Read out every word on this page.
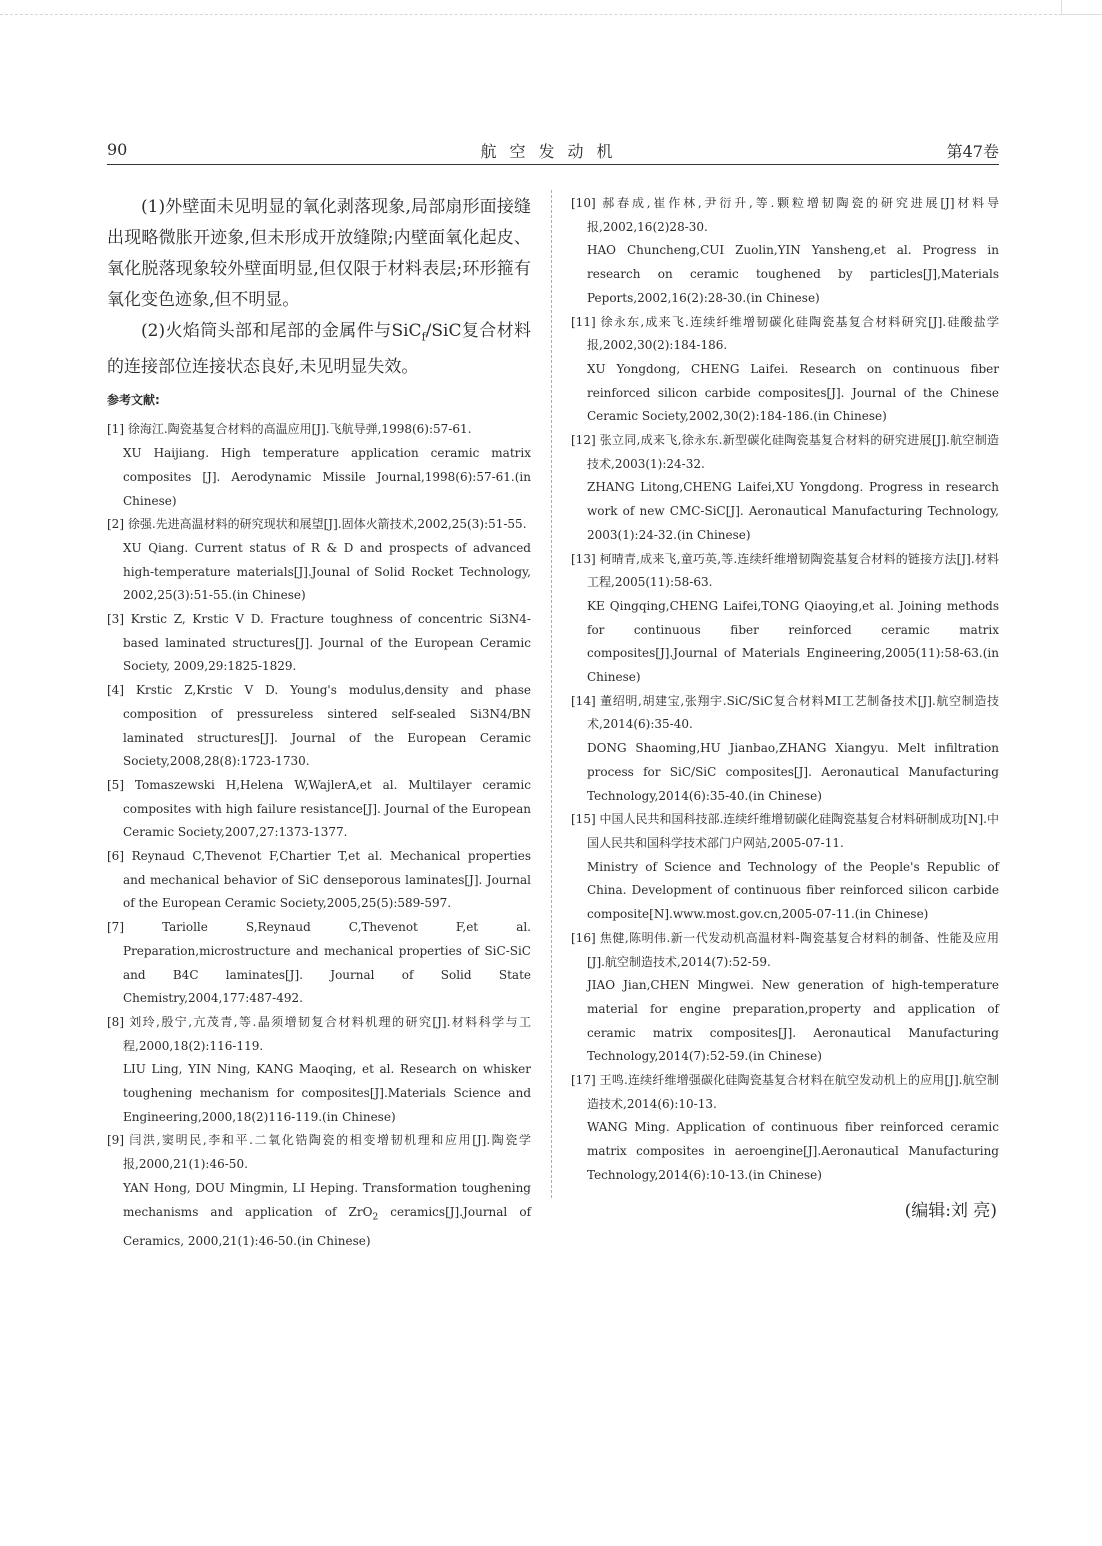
90	航空发动机	第47卷

(1)外壁面未见明显的氧化剥落现象,局部扇形面接缝出现略微胀开迹象,但未形成开放缝隙;内壁面氧化起皮、氧化脱落现象较外壁面明显,但仅限于材料表层;环形箍有氧化变色迹象,但不明显。

(2)火焰筒头部和尾部的金属件与SiC$_f$/SiC复合材料的连接部位连接状态良好,未见明显失效。

参考文献:
[1] 徐海江.陶瓷基复合材料的高温应用[J].飞航导弹,1998(6):57-61.
XU Haijiang. High temperature application ceramic matrix composites [J]. Aerodynamic Missile Journal,1998(6):57-61.(in Chinese)
[2] 徐强.先进高温材料的研究现状和展望[J].固体火箭技术,2002,25(3):51-55.
XU Qiang. Current status of R & D and prospects of advanced high-temperature materials[J].Jounal of Solid Rocket Technology, 2002,25(3):51-55.(in Chinese)
[3] Krstic Z, Krstic V D. Fracture toughness of concentric Si3N4-based laminated structures[J]. Journal of the European Ceramic Society, 2009,29:1825-1829.
[4] Krstic Z,Krstic V D. Young's modulus,density and phase composition of pressureless sintered self-sealed Si3N4/BN laminated structures[J]. Journal of the European Ceramic Society,2008,28(8):1723-1730.
[5] Tomaszewski H,Helena W,WajlerA,et al. Multilayer ceramic composites with high failure resistance[J]. Journal of the European Ceramic Society,2007,27:1373-1377.
[6] Reynaud C,Thevenot F,Chartier T,et al. Mechanical properties and mechanical behavior of SiC denseporous laminates[J]. Journal of the European Ceramic Society,2005,25(5):589-597.
[7] Tariolle S,Reynaud C,Thevenot F,et al. Preparation,microstructure and mechanical properties of SiC-SiC and B4C laminates[J]. Journal of Solid State Chemistry,2004,177:487-492.
[8] 刘玲,殷宁,亢茂青,等.晶须增韧复合材料机理的研究[J].材料科学与工程,2000,18(2):116-119.
LIU Ling, YIN Ning, KANG Maoqing, et al. Research on whisker toughening mechanism for composites[J].Materials Science and Engineering,2000,18(2)116-119.(in Chinese)
[9] 闫洪,窦明民,李和平.二氧化锆陶瓷的相变增韧机理和应用[J].陶瓷学报,2000,21(1):46-50.
YAN Hong, DOU Mingmin, LI Heping. Transformation toughening mechanisms and application of ZrO$_2$ ceramics[J].Journal of Ceramics, 2000,21(1):46-50.(in Chinese)
[10] 郝春成,崔作林,尹衍升,等.颗粒增韧陶瓷的研究进展[J]材料导报,2002,16(2)28-30.
HAO Chuncheng,CUI Zuolin,YIN Yansheng,et al. Progress in research on ceramic toughened by particles[J],Materials Peports,2002,16(2):28-30.(in Chinese)
[11] 徐永东,成来飞.连续纤维增韧碳化硅陶瓷基复合材料研究[J].硅酸盐学报,2002,30(2):184-186.
XU Yongdong, CHENG Laifei. Research on continuous fiber reinforced silicon carbide composites[J]. Journal of the Chinese Ceramic Society,2002,30(2):184-186.(in Chinese)
[12] 张立同,成来飞,徐永东.新型碳化硅陶瓷基复合材料的研究进展[J].航空制造技术,2003(1):24-32.
ZHANG Litong,CHENG Laifei,XU Yongdong. Progress in research work of new CMC-SiC[J]. Aeronautical Manufacturing Technology, 2003(1):24-32.(in Chinese)
[13] 柯晴青,成来飞,童巧英,等.连续纤维增韧陶瓷基复合材料的链接方法[J].材料工程,2005(11):58-63.
KE Qingqing,CHENG Laifei,TONG Qiaoying,et al. Joining methods for continuous fiber reinforced ceramic matrix composites[J].Journal of Materials Engineering,2005(11):58-63.(in Chinese)
[14] 董绍明,胡建宝,张翔宇.SiC/SiC复合材料MI工艺制备技术[J].航空制造技术,2014(6):35-40.
DONG Shaoming,HU Jianbao,ZHANG Xiangyu. Melt infiltration process for SiC/SiC composites[J]. Aeronautical Manufacturing Technology,2014(6):35-40.(in Chinese)
[15] 中国人民共和国科技部.连续纤维增韧碳化硅陶瓷基复合材料研制成功[N].中国人民共和国科学技术部门户网站,2005-07-11.
Ministry of Science and Technology of the People's Republic of China. Development of continuous fiber reinforced silicon carbide composite[N].www.most.gov.cn,2005-07-11.(in Chinese)
[16] 焦健,陈明伟.新一代发动机高温材料-陶瓷基复合材料的制备、性能及应用[J].航空制造技术,2014(7):52-59.
JIAO Jian,CHEN Mingwei. New generation of high-temperature material for engine preparation,property and application of ceramic matrix composites[J]. Aeronautical Manufacturing Technology,2014(7):52-59.(in Chinese)
[17] 王鸣.连续纤维增强碳化硅陶瓷基复合材料在航空发动机上的应用[J].航空制造技术,2014(6):10-13.
WANG Ming. Application of continuous fiber reinforced ceramic matrix composites in aeroengine[J].Aeronautical Manufacturing Technology,2014(6):10-13.(in Chinese)
(编辑:刘 亮)
